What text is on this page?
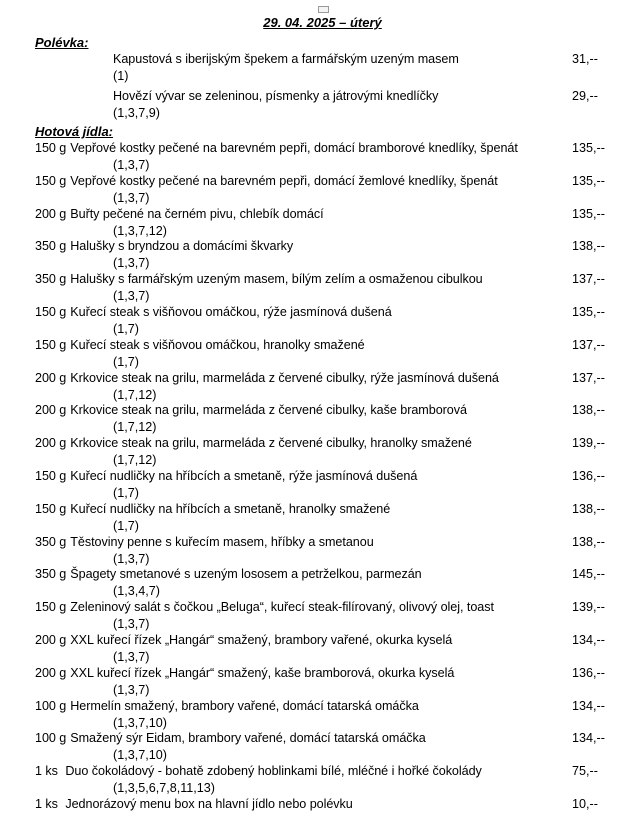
29. 04. 2025 – úterý
Polévka:
Hotová jídla:
Kapustová s iberijským špekem a farmářským uzeným masem	31,--
(1)
Hovězí vývar se zeleninou, písmenky a játrovými knedlíčky	29,--
(1,3,7,9)
150 g Vepřové kostky pečené na barevném pepři, domácí bramborové knedlíky, špenát	135,--
(1,3,7)
150 g Vepřové kostky pečené na barevném pepři, domácí žemlové knedlíky, špenát	135,--
(1,3,7)
200 g Buřty pečené na černém pivu, chlebík domácí	135,--
(1,3,7,12)
350 g Halušky s bryndzou a domácími škvarky	138,--
(1,3,7)
350 g Halušky s farmářským uzeným masem, bílým zelím a osmaženou cibulkou	137,--
(1,3,7)
150 g Kuřecí steak s višňovou omáčkou, rýže jasmínová dušená	135,--
(1,7)
150 g Kuřecí steak s višňovou omáčkou, hranolky smažené	137,--
(1,7)
200 g Krkovice steak na grilu, marmeláda z červené cibulky, rýže jasmínová dušená	137,--
(1,7,12)
200 g Krkovice steak na grilu, marmeláda z červené cibulky, kaše bramborová	138,--
(1,7,12)
200 g Krkovice steak na grilu, marmeláda z červené cibulky, hranolky smažené	139,--
(1,7,12)
150 g Kuřecí nudličky na hříbcích a smetaně, rýže jasmínová dušená	136,--
(1,7)
150 g Kuřecí nudličky na hříbcích a smetaně, hranolky smažené	138,--
(1,7)
350 g Těstoviny penne s kuřecím masem, hříbky a smetanou	138,--
(1,3,7)
350 g Špagety smetanové s uzeným lososem a petrželkou, parmezán	145,--
(1,3,4,7)
150 g Zeleninový salát s čočkou „Beluga“, kuřecí steak-filírovaný, olivový olej, toast	139,--
(1,3,7)
200 g XXL kuřecí řízek „Hangár“ smažený, brambory vařené, okurka kyselá	134,--
(1,3,7)
200 g XXL kuřecí řízek „Hangár“ smažený, kaše bramborová, okurka kyselá	136,--
(1,3,7)
100 g Hermelín smažený, brambory vařené, domácí tatarská omáčka	134,--
(1,3,7,10)
100 g Smažený sýr Eidam, brambory vařené, domácí tatarská omáčka	134,--
(1,3,7,10)
1 ks Duo čokoládový - bohatě zdobený hoblinkami bílé, mléčné i hořké čokolády	75,--
(1,3,5,6,7,8,11,13)
1 ks Jednorázový menu box na hlavní jídlo nebo polévku	10,--
